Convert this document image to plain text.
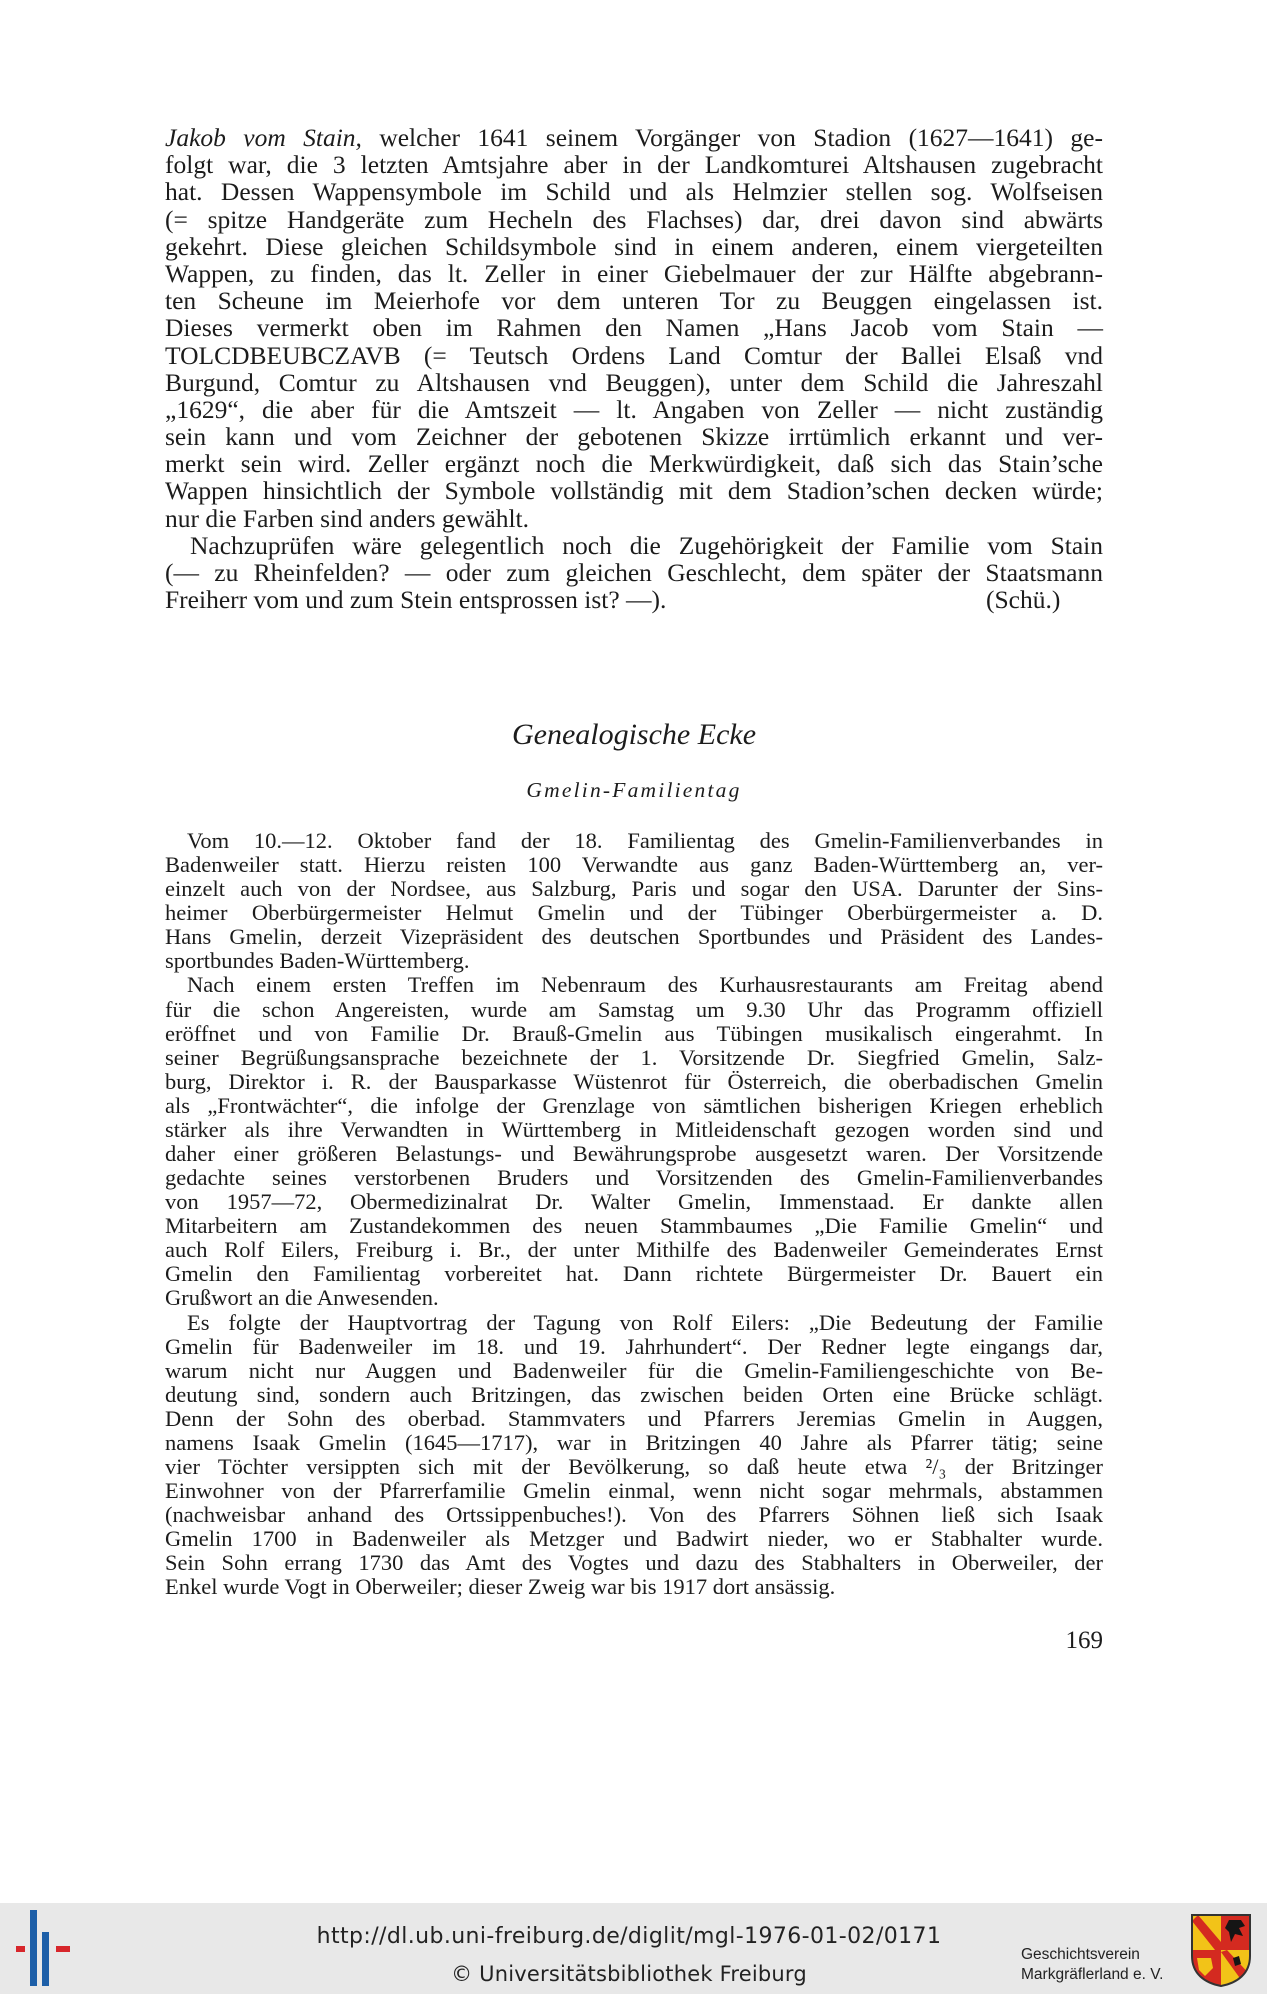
Jakob vom Stain, welcher 1641 seinem Vorgänger von Stadion (1627—1641) ge-
folgt war, die 3 letzten Amtsjahre aber in der Landkomturei Altshausen zugebracht
hat. Dessen Wappensymbole im Schild und als Helmzier stellen sog. Wolfseisen
(= spitze Handgeräte zum Hecheln des Flachses) dar, drei davon sind abwärts
gekehrt. Diese gleichen Schildsymbole sind in einem anderen, einem viergeteilten
Wappen, zu finden, das lt. Zeller in einer Giebelmauer der zur Hälfte abgebrann-
ten Scheune im Meierhofe vor dem unteren Tor zu Beuggen eingelassen ist.
Dieses vermerkt oben im Rahmen den Namen „Hans Jacob vom Stain —
TOLCDBEUBCZAVB (= Teutsch Ordens Land Comtur der Ballei Elsaß vnd
Burgund, Comtur zu Altshausen vnd Beuggen), unter dem Schild die Jahreszahl
„1629“, die aber für die Amtszeit — lt. Angaben von Zeller — nicht zuständig
sein kann und vom Zeichner der gebotenen Skizze irrtümlich erkannt und ver-
merkt sein wird. Zeller ergänzt noch die Merkwürdigkeit, daß sich das Stain’sche
Wappen hinsichtlich der Symbole vollständig mit dem Stadion’schen decken würde;
nur die Farben sind anders gewählt.
Nachzuprüfen wäre gelegentlich noch die Zugehörigkeit der Familie vom Stain
(— zu Rheinfelden? — oder zum gleichen Geschlecht, dem später der Staatsmann
Freiherr vom und zum Stein entsprossen ist? —).	(Schü.)
Genealogische Ecke
Gmelin-Familientag
Vom 10.—12. Oktober fand der 18. Familientag des Gmelin-Familienverbandes in
Badenweiler statt. Hierzu reisten 100 Verwandte aus ganz Baden-Württemberg an, ver-
einzelt auch von der Nordsee, aus Salzburg, Paris und sogar den USA. Darunter der Sins-
heimer Oberbürgermeister Helmut Gmelin und der Tübinger Oberbürgermeister a. D.
Hans Gmelin, derzeit Vizepräsident des deutschen Sportbundes und Präsident des Landes-
sportbundes Baden-Württemberg.
Nach einem ersten Treffen im Nebenraum des Kurhausrestaurants am Freitag abend
für die schon Angereisten, wurde am Samstag um 9.30 Uhr das Programm offiziell
eröffnet und von Familie Dr. Brauß-Gmelin aus Tübingen musikalisch eingerahmt. In
seiner Begrüßungsansprache bezeichnete der 1. Vorsitzende Dr. Siegfried Gmelin, Salz-
burg, Direktor i. R. der Bausparkasse Wüstenrot für Österreich, die oberbadischen Gmelin
als „Frontwächter“, die infolge der Grenzlage von sämtlichen bisherigen Kriegen erheblich
stärker als ihre Verwandten in Württemberg in Mitleidenschaft gezogen worden sind und
daher einer größeren Belastungs- und Bewährungsprobe ausgesetzt waren. Der Vorsitzende
gedachte seines verstorbenen Bruders und Vorsitzenden des Gmelin-Familienverbandes
von 1957—72, Obermedizinalrat Dr. Walter Gmelin, Immenstaad. Er dankte allen
Mitarbeitern am Zustandekommen des neuen Stammbaumes „Die Familie Gmelin“ und
auch Rolf Eilers, Freiburg i. Br., der unter Mithilfe des Badenweiler Gemeinderates Ernst
Gmelin den Familientag vorbereitet hat. Dann richtete Bürgermeister Dr. Bauert ein
Grußwort an die Anwesenden.
Es folgte der Hauptvortrag der Tagung von Rolf Eilers: „Die Bedeutung der Familie
Gmelin für Badenweiler im 18. und 19. Jahrhundert“. Der Redner legte eingangs dar,
warum nicht nur Auggen und Badenweiler für die Gmelin-Familiengeschichte von Be-
deutung sind, sondern auch Britzingen, das zwischen beiden Orten eine Brücke schlägt.
Denn der Sohn des oberbad. Stammvaters und Pfarrers Jeremias Gmelin in Auggen,
namens Isaak Gmelin (1645—1717), war in Britzingen 40 Jahre als Pfarrer tätig; seine
vier Töchter versippten sich mit der Bevölkerung, so daß heute etwa ²/₃ der Britzinger
Einwohner von der Pfarrerfamilie Gmelin einmal, wenn nicht sogar mehrmals, abstammen
(nachweisbar anhand des Ortssippenbuches!). Von des Pfarrers Söhnen ließ sich Isaak
Gmelin 1700 in Badenweiler als Metzger und Badwirt nieder, wo er Stabhalter wurde.
Sein Sohn errang 1730 das Amt des Vogtes und dazu des Stabhalters in Oberweiler, der
Enkel wurde Vogt in Oberweiler; dieser Zweig war bis 1917 dort ansässig.
169
http://dl.ub.uni-freiburg.de/diglit/mgl-1976-01-02/0171
© Universitätsbibliothek Freiburg
Geschichtsverein
Markgräflerland e. V.
